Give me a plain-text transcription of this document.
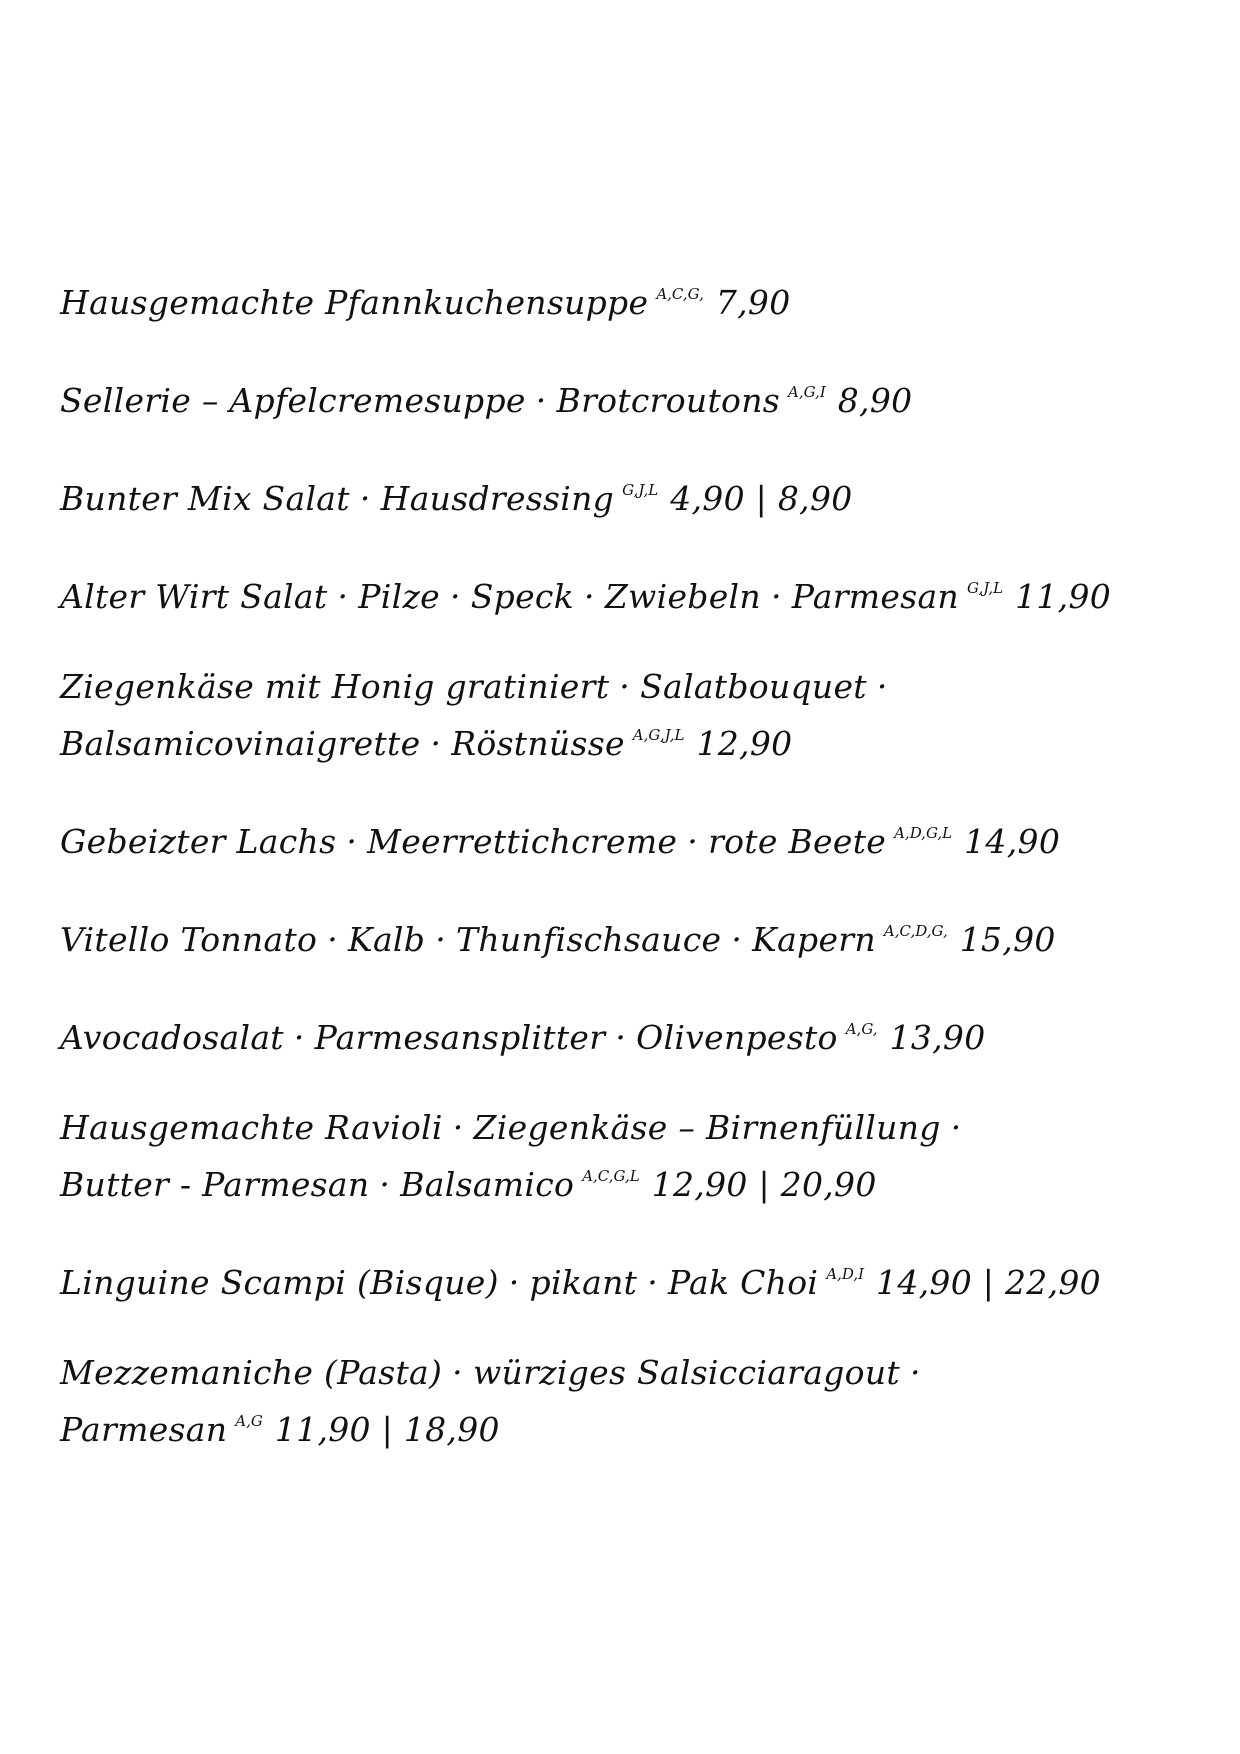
Hausgemachte Pfannkuchensuppe $^{A,C,G,}$ 7,90
Sellerie – Apfelcremesuppe · Brotcroutons $^{A,G,I}$ 8,90
Bunter Mix Salat · Hausdressing $^{G,J,L}$ 4,90 | 8,90
Alter Wirt Salat · Pilze · Speck · Zwiebeln · Parmesan $^{G,J,L}$ 11,90
Ziegenkäse mit Honig gratiniert · Salatbouquet ·
Balsamicovinaigrette · Röstnüsse $^{A,G,J,L}$ 12,90
Gebeizter Lachs · Meerrettichcreme · rote Beete $^{A,D,G,L}$ 14,90
Vitello Tonnato · Kalb · Thunfischsauce · Kapern $^{A,C,D,G,}$ 15,90
Avocadosalat · Parmesansplitter · Olivenpesto $^{A,G,}$ 13,90
Hausgemachte Ravioli · Ziegenkäse – Birnenfüllung ·
Butter - Parmesan · Balsamico $^{A,C,G,L}$ 12,90 | 20,90
Linguine Scampi (Bisque) · pikant · Pak Choi $^{A,D,I}$ 14,90 | 22,90
Mezzemaniche (Pasta) · würziges Salsicciaragout ·
Parmesan $^{A,G}$ 11,90 | 18,90
